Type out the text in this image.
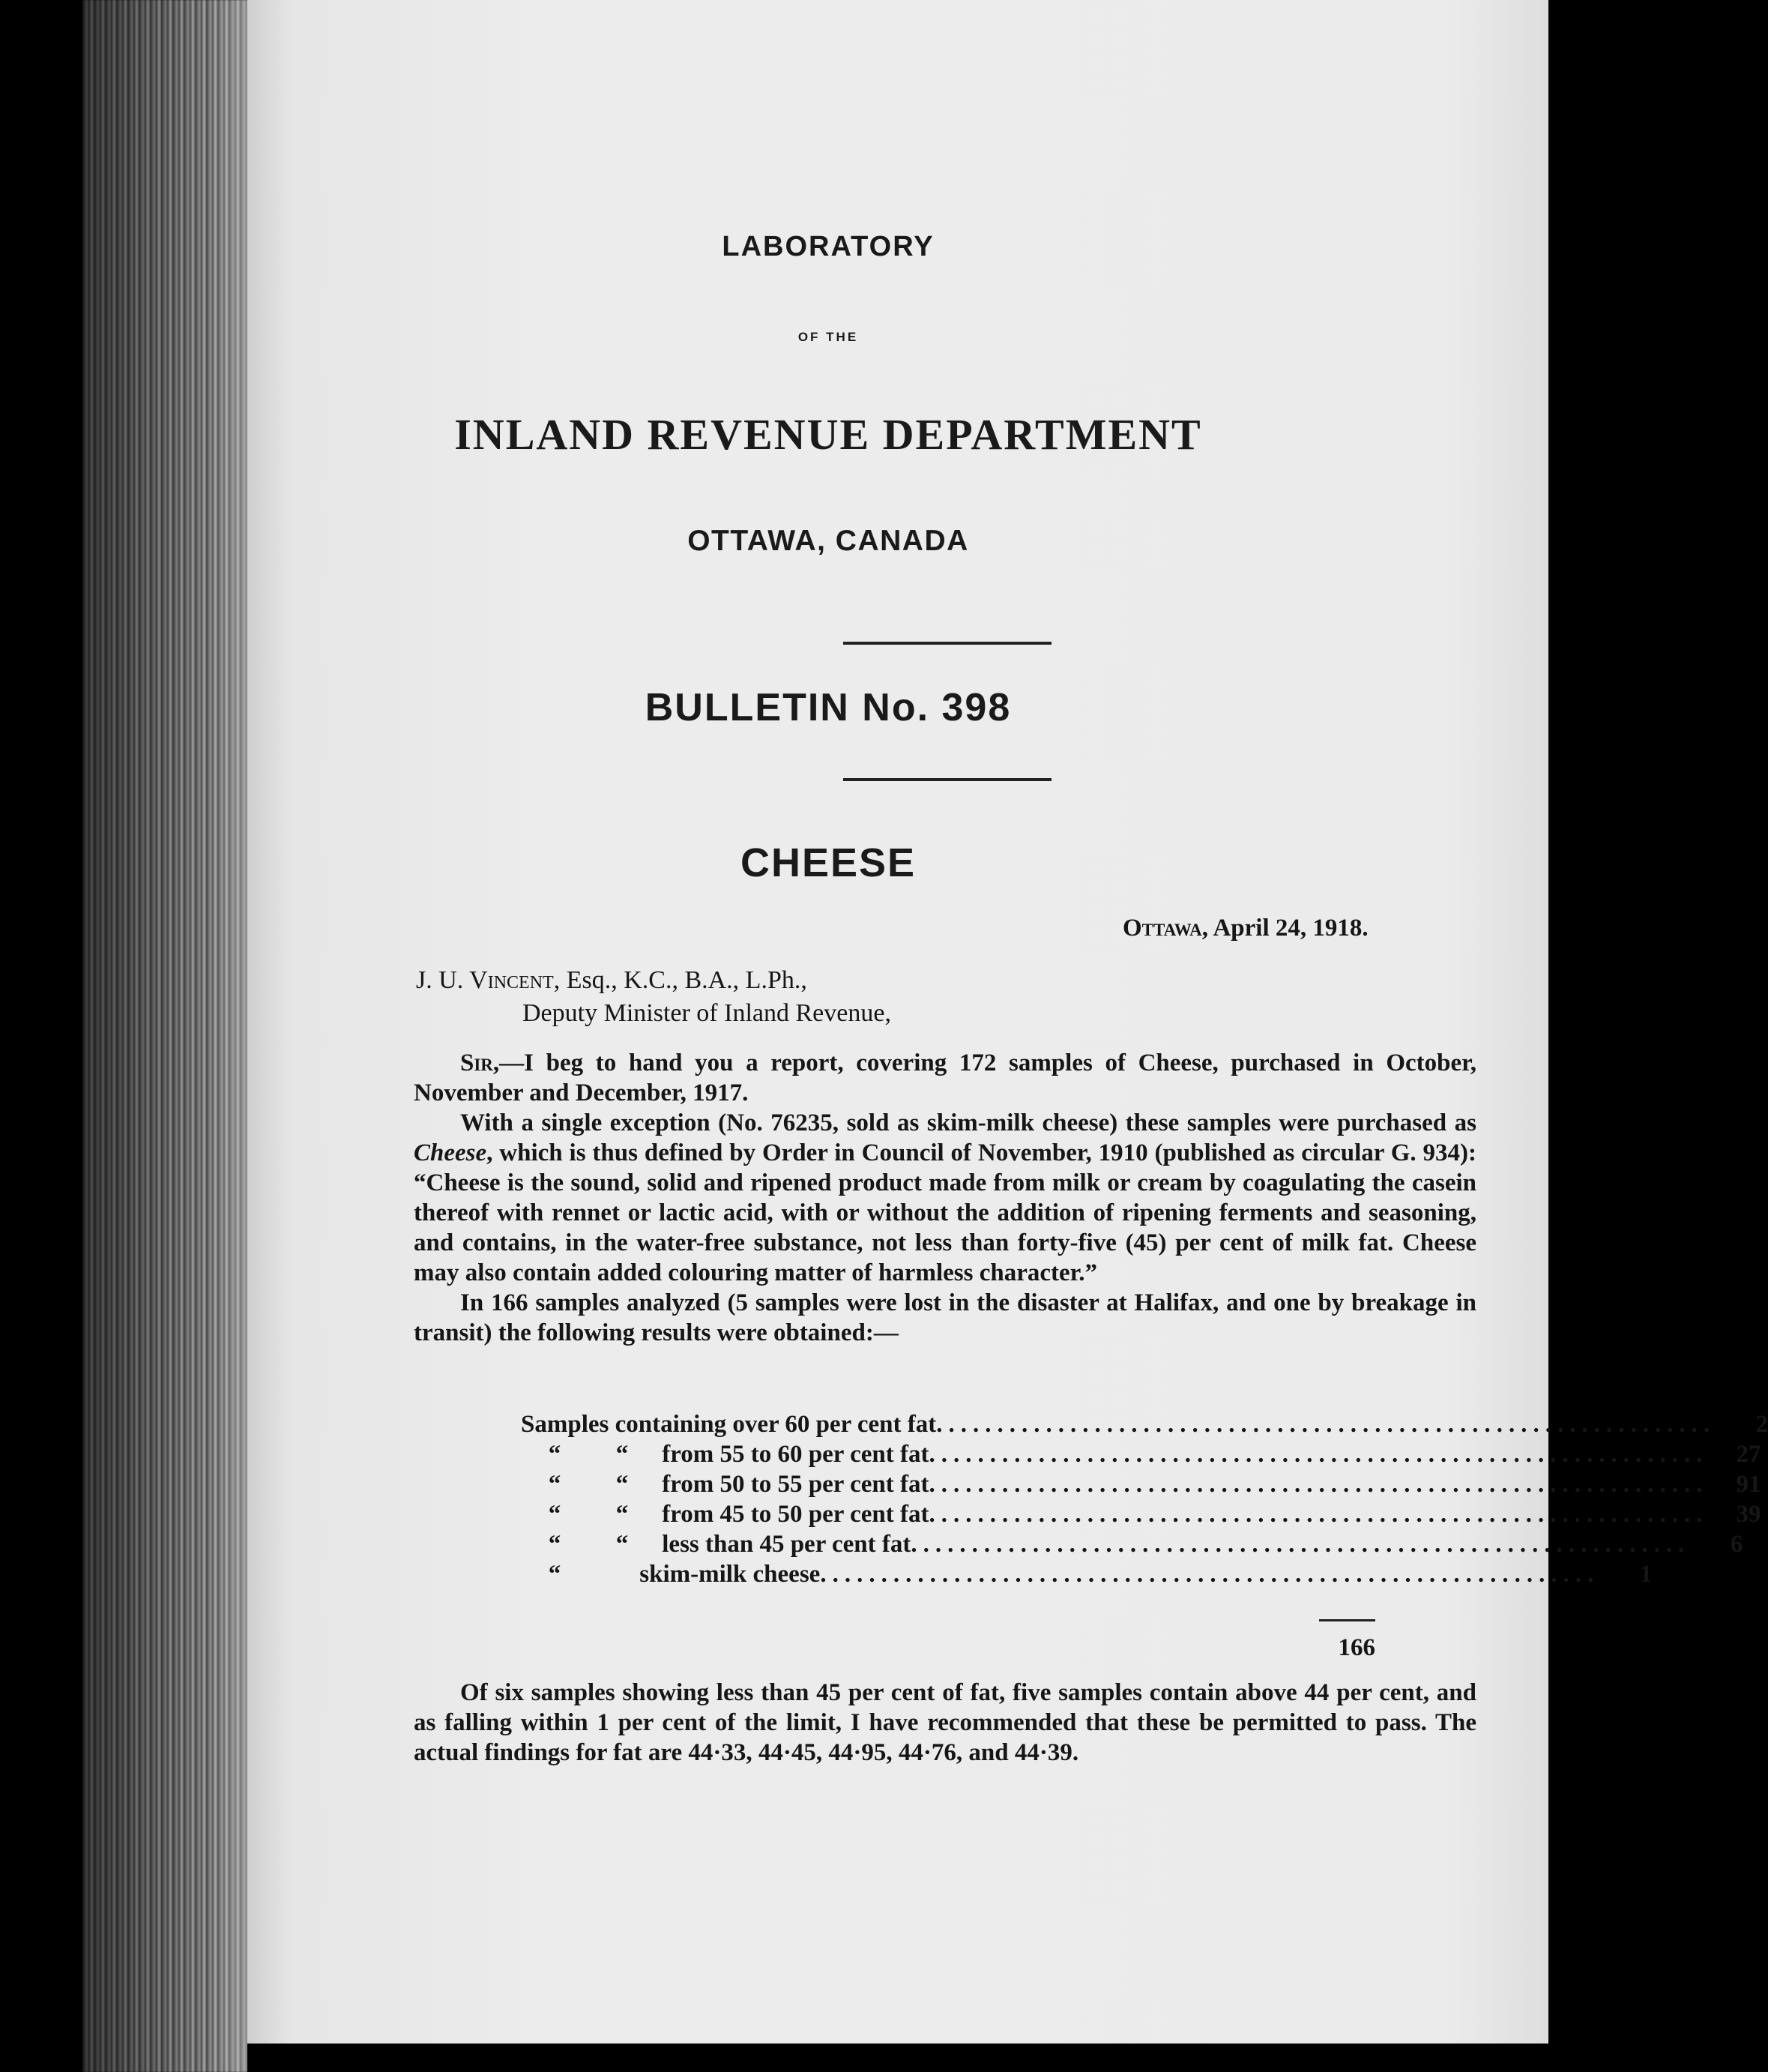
LABORATORY
OF THE
INLAND REVENUE DEPARTMENT
OTTAWA, CANADA
BULLETIN No. 398
CHEESE
Ottawa, April 24, 1918.
J. U. Vincent, Esq., K.C., B.A., L.Ph.,
Deputy Minister of Inland Revenue,

Sir,—I beg to hand you a report, covering 172 samples of Cheese, purchased in October, November and December, 1917.

With a single exception (No. 76235, sold as skim-milk cheese) these samples were purchased as Cheese, which is thus defined by Order in Council of November, 1910 (published as circular G. 934): “Cheese is the sound, solid and ripened product made from milk or cream by coagulating the casein thereof with rennet or lactic acid, with or without the addition of ripening ferments and seasoning, and contains, in the water-free substance, not less than forty-five (45) per cent of milk fat. Cheese may also contain added colouring matter of harmless character.”

In 166 samples analyzed (5 samples were lost in the disaster at Halifax, and one by breakage in transit) the following results were obtained:—

Samples containing over 60 per cent fat ................................................................	2
“ “ from 55 to 60 per cent fat ................................................................	27
“ “ from 50 to 55 per cent fat ................................................................	91
“ “ from 45 to 50 per cent fat ................................................................	39
“ “ less than 45 per cent fat ................................................................	6
“	skim-milk cheese ................................................................	1
166

Of six samples showing less than 45 per cent of fat, five samples contain above 44 per cent, and as falling within 1 per cent of the limit, I have recommended that these be permitted to pass. The actual findings for fat are 44·33, 44·45, 44·95, 44·76, and 44·39.
